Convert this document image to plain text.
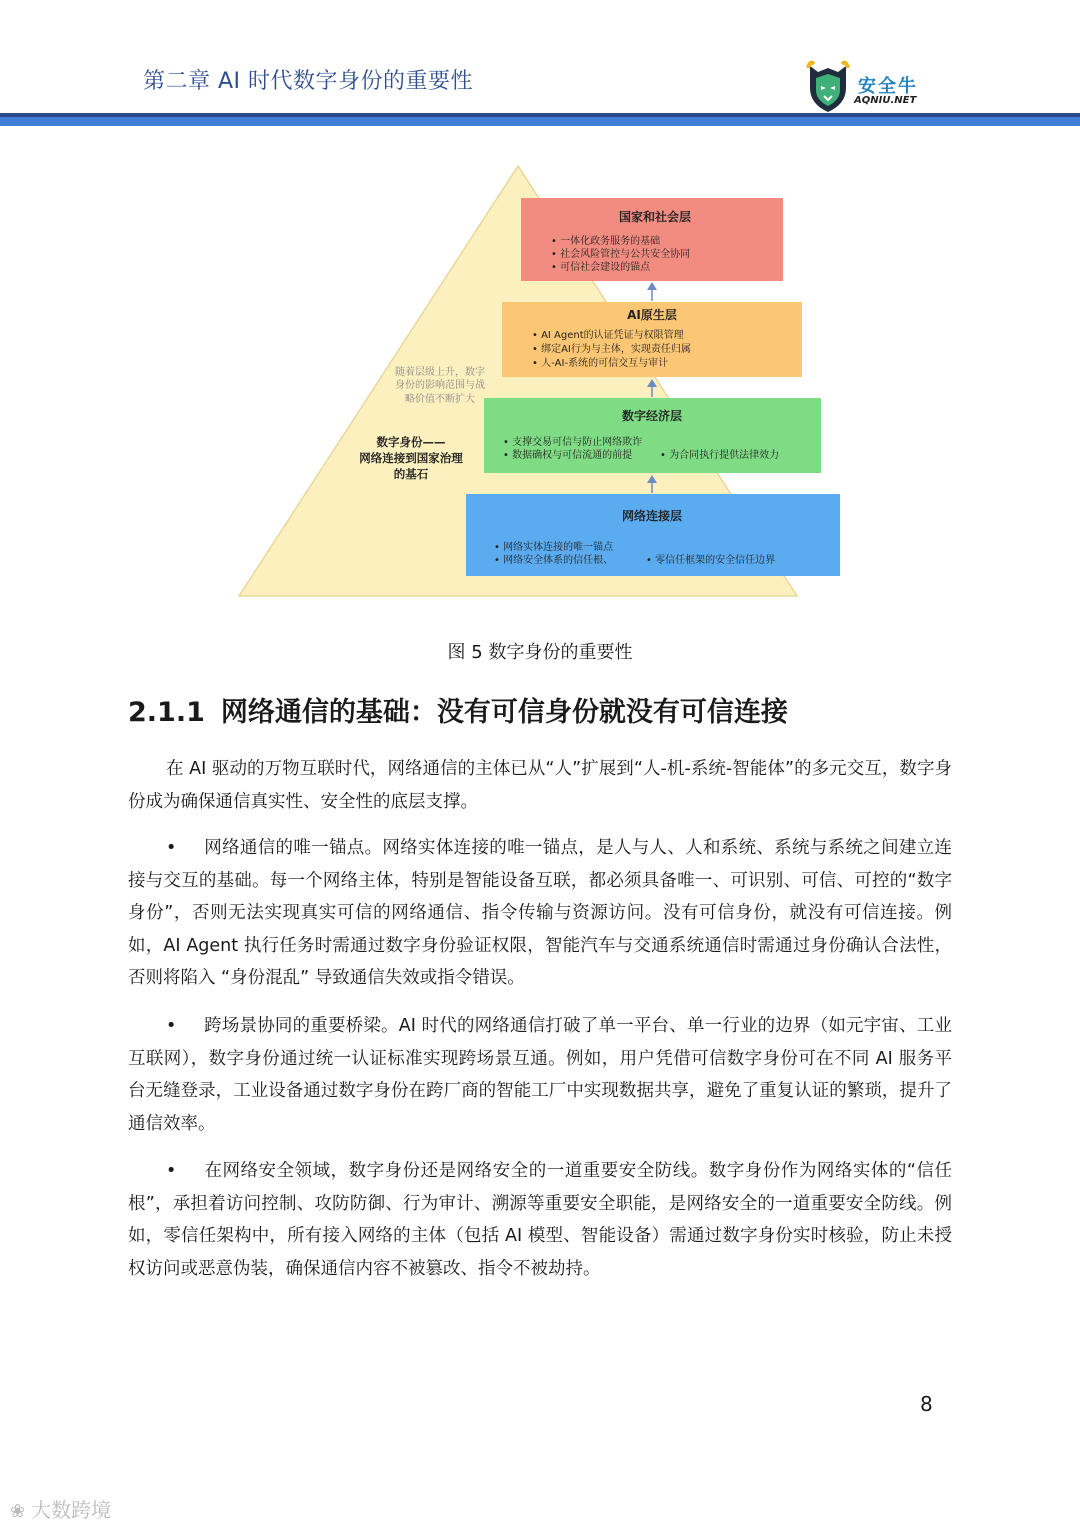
第二章 AI 时代数字身份的重要性	安全牛
AQNIU.NET
国家和社会层
• 一体化政务服务的基础
• 社会风险管控与公共安全协同
• 可信社会建设的锚点
AI原生层
• AI Agent的认证凭证与权限管理
• 绑定AI行为与主体，实现责任归属
• 人-AI-系统的可信交互与审计
数字经济层
• 支撑交易可信与防止网络欺诈
• 数据确权与可信流通的前提	• 为合同执行提供法律效力
网络连接层
• 网络实体连接的唯一锚点
• 网络安全体系的信任根、	• 零信任框架的安全信任边界
随着层级上升，数字
身份的影响范围与战
略价值不断扩大
数字身份——
网络连接到国家治理
的基石
图 5 数字身份的重要性
2.1.1 网络通信的基础：没有可信身份就没有可信连接

在 AI 驱动的万物互联时代，网络通信的主体已从“人”扩展到“人-机-系统-智能体”的多元交互，数字身份成为确保通信真实性、安全性的底层支撑。

• 网络通信的唯一锚点。网络实体连接的唯一锚点，是人与人、人和系统、系统与系统之间建立连接与交互的基础。每一个网络主体，特别是智能设备互联，都必须具备唯一、可识别、可信、可控的“数字身份”，否则无法实现真实可信的网络通信、指令传输与资源访问。没有可信身份，就没有可信连接。例如，AI Agent 执行任务时需通过数字身份验证权限，智能汽车与交通系统通信时需通过身份确认合法性，否则将陷入 “身份混乱” 导致通信失效或指令错误。

• 跨场景协同的重要桥梁。AI 时代的网络通信打破了单一平台、单一行业的边界（如元宇宙、工业互联网），数字身份通过统一认证标准实现跨场景互通。例如，用户凭借可信数字身份可在不同 AI 服务平台无缝登录，工业设备通过数字身份在跨厂商的智能工厂中实现数据共享，避免了重复认证的繁琐，提升了通信效率。

• 在网络安全领域，数字身份还是网络安全的一道重要安全防线。数字身份作为网络实体的“信任根”，承担着访问控制、攻防防御、行为审计、溯源等重要安全职能，是网络安全的一道重要安全防线。例如，零信任架构中，所有接入网络的主体（包括 AI 模型、智能设备）需通过数字身份实时核验，防止未授权访问或恶意伪装，确保通信内容不被篡改、指令不被劫持。

8
❀ 大数跨境
